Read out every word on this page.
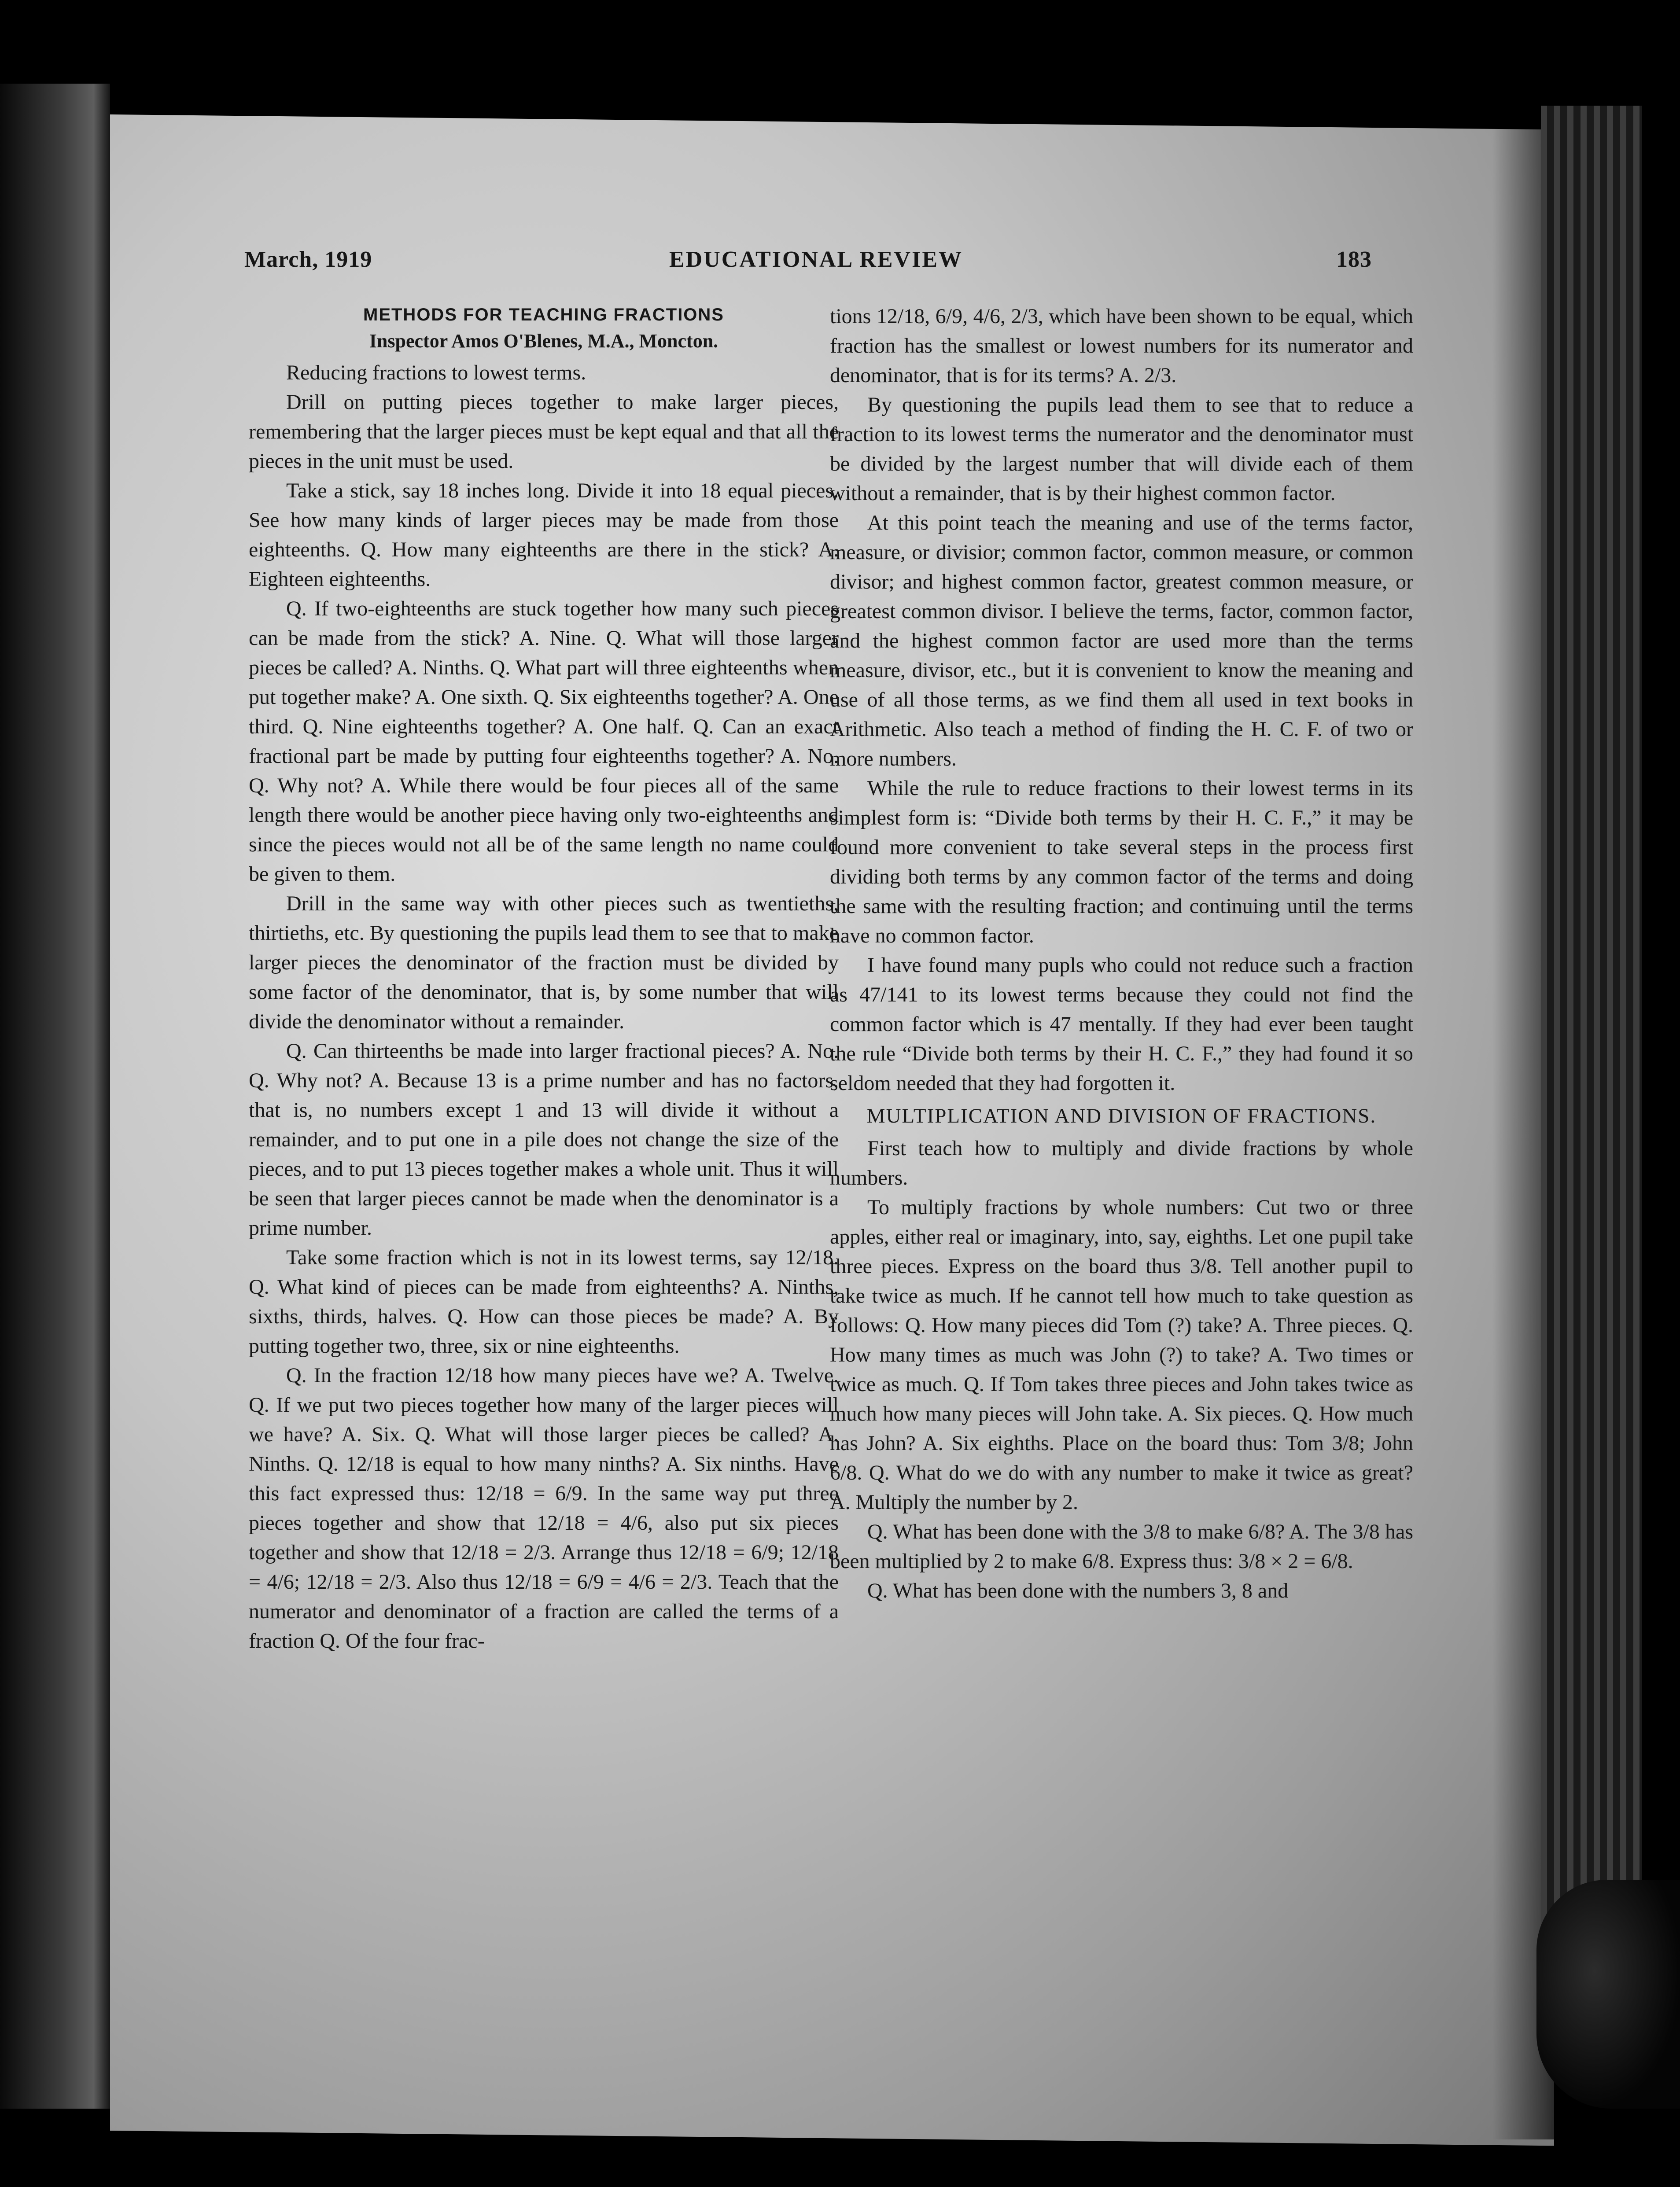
March, 1919	EDUCATIONAL REVIEW	183

METHODS FOR TEACHING FRACTIONS

Inspector Amos O'Blenes, M.A., Moncton.

Reducing fractions to lowest terms.

Drill on putting pieces together to make larger pieces, remembering that the larger pieces must be kept equal and that all the pieces in the unit must be used.

Take a stick, say 18 inches long. Divide it into 18 equal pieces. See how many kinds of larger pieces may be made from those eighteenths. Q. How many eighteenths are there in the stick? A. Eighteen eighteenths.

Q. If two-eighteenths are stuck together how many such pieces can be made from the stick? A. Nine. Q. What will those larger pieces be called? A. Ninths. Q. What part will three eighteenths when put together make? A. One sixth. Q. Six eighteenths together? A. One third. Q. Nine eighteenths together? A. One half. Q. Can an exact fractional part be made by putting four eighteenths together? A. No. Q. Why not? A. While there would be four pieces all of the same length there would be another piece having only two-eighteenths and since the pieces would not all be of the same length no name could be given to them.

Drill in the same way with other pieces such as twentieths, thirtieths, etc. By questioning the pupils lead them to see that to make larger pieces the denominator of the fraction must be divided by some factor of the denominator, that is, by some number that will divide the denominator without a remainder.

Q. Can thirteenths be made into larger fractional pieces? A. No. Q. Why not? A. Because 13 is a prime number and has no factors, that is, no numbers except 1 and 13 will divide it without a remainder, and to put one in a pile does not change the size of the pieces, and to put 13 pieces together makes a whole unit. Thus it will be seen that larger pieces cannot be made when the denominator is a prime number.

Take some fraction which is not in its lowest terms, say 12/18. Q. What kind of pieces can be made from eighteenths? A. Ninths, sixths, thirds, halves. Q. How can those pieces be made? A. By putting together two, three, six or nine eighteenths.

Q. In the fraction 12/18 how many pieces have we? A. Twelve. Q. If we put two pieces together how many of the larger pieces will we have? A. Six. Q. What will those larger pieces be called? A. Ninths. Q. 12/18 is equal to how many ninths? A. Six ninths. Have this fact expressed thus: 12/18 = 6/9. In the same way put three pieces together and show that 12/18 = 4/6, also put six pieces together and show that 12/18 = 2/3. Arrange thus 12/18 = 6/9; 12/18 = 4/6; 12/18 = 2/3. Also thus 12/18 = 6/9 = 4/6 = 2/3. Teach that the numerator and denominator of a fraction are called the terms of a fraction Q. Of the four frac-

tions 12/18, 6/9, 4/6, 2/3, which have been shown to be equal, which fraction has the smallest or lowest numbers for its numerator and denominator, that is for its terms? A. 2/3.

By questioning the pupils lead them to see that to reduce a fraction to its lowest terms the numerator and the denominator must be divided by the largest number that will divide each of them without a remainder, that is by their highest common factor.

At this point teach the meaning and use of the terms factor, measure, or divisior; common factor, common measure, or common divisor; and highest common factor, greatest common measure, or greatest common divisor. I believe the terms, factor, common factor, and the highest common factor are used more than the terms measure, divisor, etc., but it is convenient to know the meaning and use of all those terms, as we find them all used in text books in Arithmetic. Also teach a method of finding the H. C. F. of two or more numbers.

While the rule to reduce fractions to their lowest terms in its simplest form is: “Divide both terms by their H. C. F.,” it may be found more convenient to take several steps in the process first dividing both terms by any common factor of the terms and doing the same with the resulting fraction; and continuing until the terms have no common factor.

I have found many pupls who could not reduce such a fraction as 47/141 to its lowest terms because they could not find the common factor which is 47 mentally. If they had ever been taught the rule “Divide both terms by their H. C. F.,” they had found it so seldom needed that they had forgotten it.

MULTIPLICATION AND DIVISION OF FRACTIONS.

First teach how to multiply and divide fractions by whole numbers.

To multiply fractions by whole numbers: Cut two or three apples, either real or imaginary, into, say, eighths. Let one pupil take three pieces. Express on the board thus 3/8. Tell another pupil to take twice as much. If he cannot tell how much to take question as follows: Q. How many pieces did Tom (?) take? A. Three pieces. Q. How many times as much was John (?) to take? A. Two times or twice as much. Q. If Tom takes three pieces and John takes twice as much how many pieces will John take. A. Six pieces. Q. How much has John? A. Six eighths. Place on the board thus: Tom 3/8; John 6/8. Q. What do we do with any number to make it twice as great? A. Multiply the number by 2.

Q. What has been done with the 3/8 to make 6/8? A. The 3/8 has been multiplied by 2 to make 6/8. Express thus: 3/8 × 2 = 6/8.

Q. What has been done with the numbers 3, 8 and
